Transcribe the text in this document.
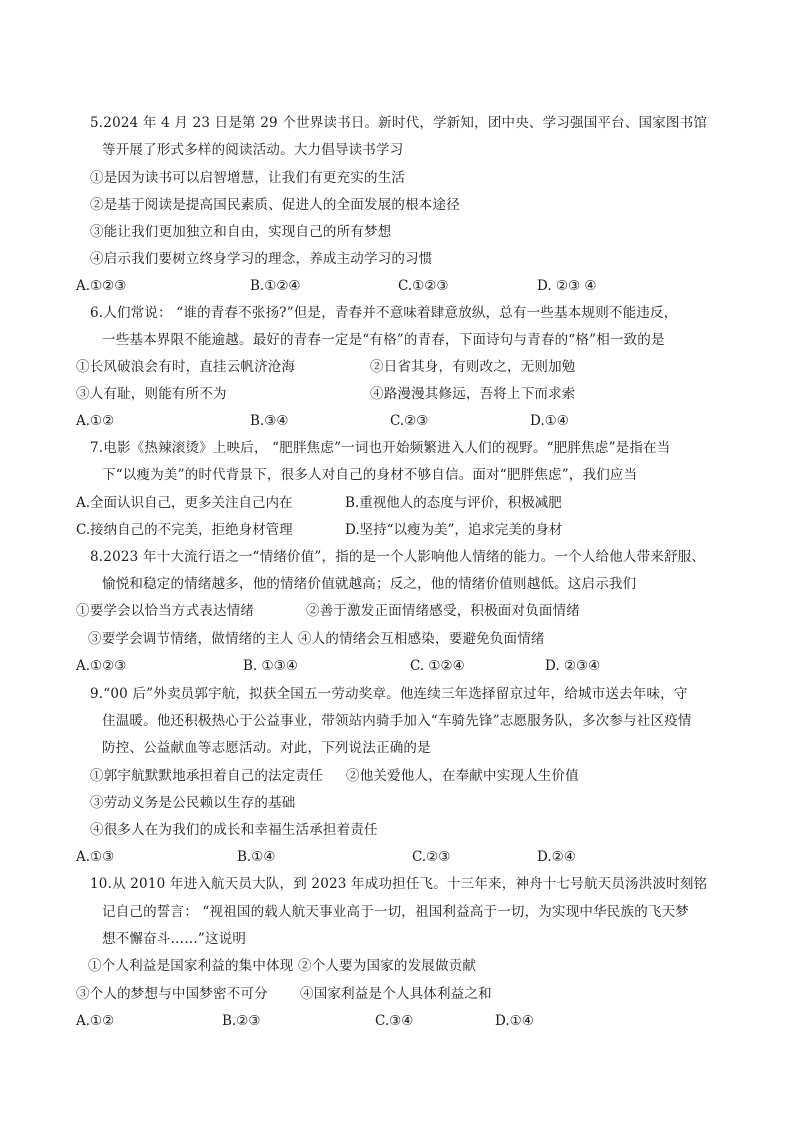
5.2024 年 4 月 23 日是第 29 个世界读书日。新时代，学新知，团中央、学习强国平台、国家图书馆
等开展了形式多样的阅读活动。大力倡导读书学习
①是因为读书可以启智增慧，让我们有更充实的生活
②是基于阅读是提高国民素质、促进人的全面发展的根本途径
③能让我们更加独立和自由，实现自己的所有梦想
④启示我们要树立终身学习的理念，养成主动学习的习惯
A.①②③	B.①②④	C.①②③	D. ②③ ④
6.人们常说： “谁的青春不张扬?”但是，青春并不意味着肆意放纵，总有一些基本规则不能违反，
一些基本界限不能逾越。最好的青春一定是“有格”的青春，下面诗句与青春的“格”相一致的是
①长风破浪会有时，直挂云帆济沧海	②日省其身，有则改之，无则加勉
③人有耻，则能有所不为	④路漫漫其修远，吾将上下而求索
A.①②	B.③④	C.②③	D.①④
7.电影《热辣滚烫》上映后， “肥胖焦虑”一词也开始频繁进入人们的视野。“肥胖焦虑”是指在当
下“以瘦为美”的时代背景下，很多人对自己的身材不够自信。面对“肥胖焦虑”，我们应当
A.全面认识自己，更多关注自己内在	B.重视他人的态度与评价，积极减肥
C.接纳自己的不完美，拒绝身材管理	D.坚持“以瘦为美”，追求完美的身材
8.2023 年十大流行语之一“情绪价值”，指的是一个人影响他人情绪的能力。一个人给他人带来舒服、
愉悦和稳定的情绪越多，他的情绪价值就越高；反之，他的情绪价值则越低。这启示我们
①要学会以恰当方式表达情绪	②善于激发正面情绪感受，积极面对负面情绪
③要学会调节情绪，做情绪的主人 ④人的情绪会互相感染，要避免负面情绪
A.①②③	B. ①③④	C. ①②④	D. ②③④
9.“00 后”外卖员郭宇航，拟获全国五一劳动奖章。他连续三年选择留京过年，给城市送去年味，守
住温暖。他还积极热心于公益事业，带领站内骑手加入“车骑先锋”志愿服务队，多次参与社区疫情
防控、公益献血等志愿活动。对此，下列说法正确的是
①郭宇航默默地承担着自己的法定责任 ②他关爱他人，在奉献中实现人生价值
③劳动义务是公民赖以生存的基础
④很多人在为我们的成长和幸福生活承担着责任
A.①③	B.①④	C.②③	D.②④
10.从 2010 年进入航天员大队，到 2023 年成功担任飞。十三年来，神舟十七号航天员汤洪波时刻铭
记自己的誓言： “视祖国的载人航天事业高于一切，祖国利益高于一切，为实现中华民族的飞天梦
想不懈奋斗……”这说明
①个人利益是国家利益的集中体现 ②个人要为国家的发展做贡献
③个人的梦想与中国梦密不可分 ④国家利益是个人具体利益之和
A.①②	B.②③	C.③④	D.①④
